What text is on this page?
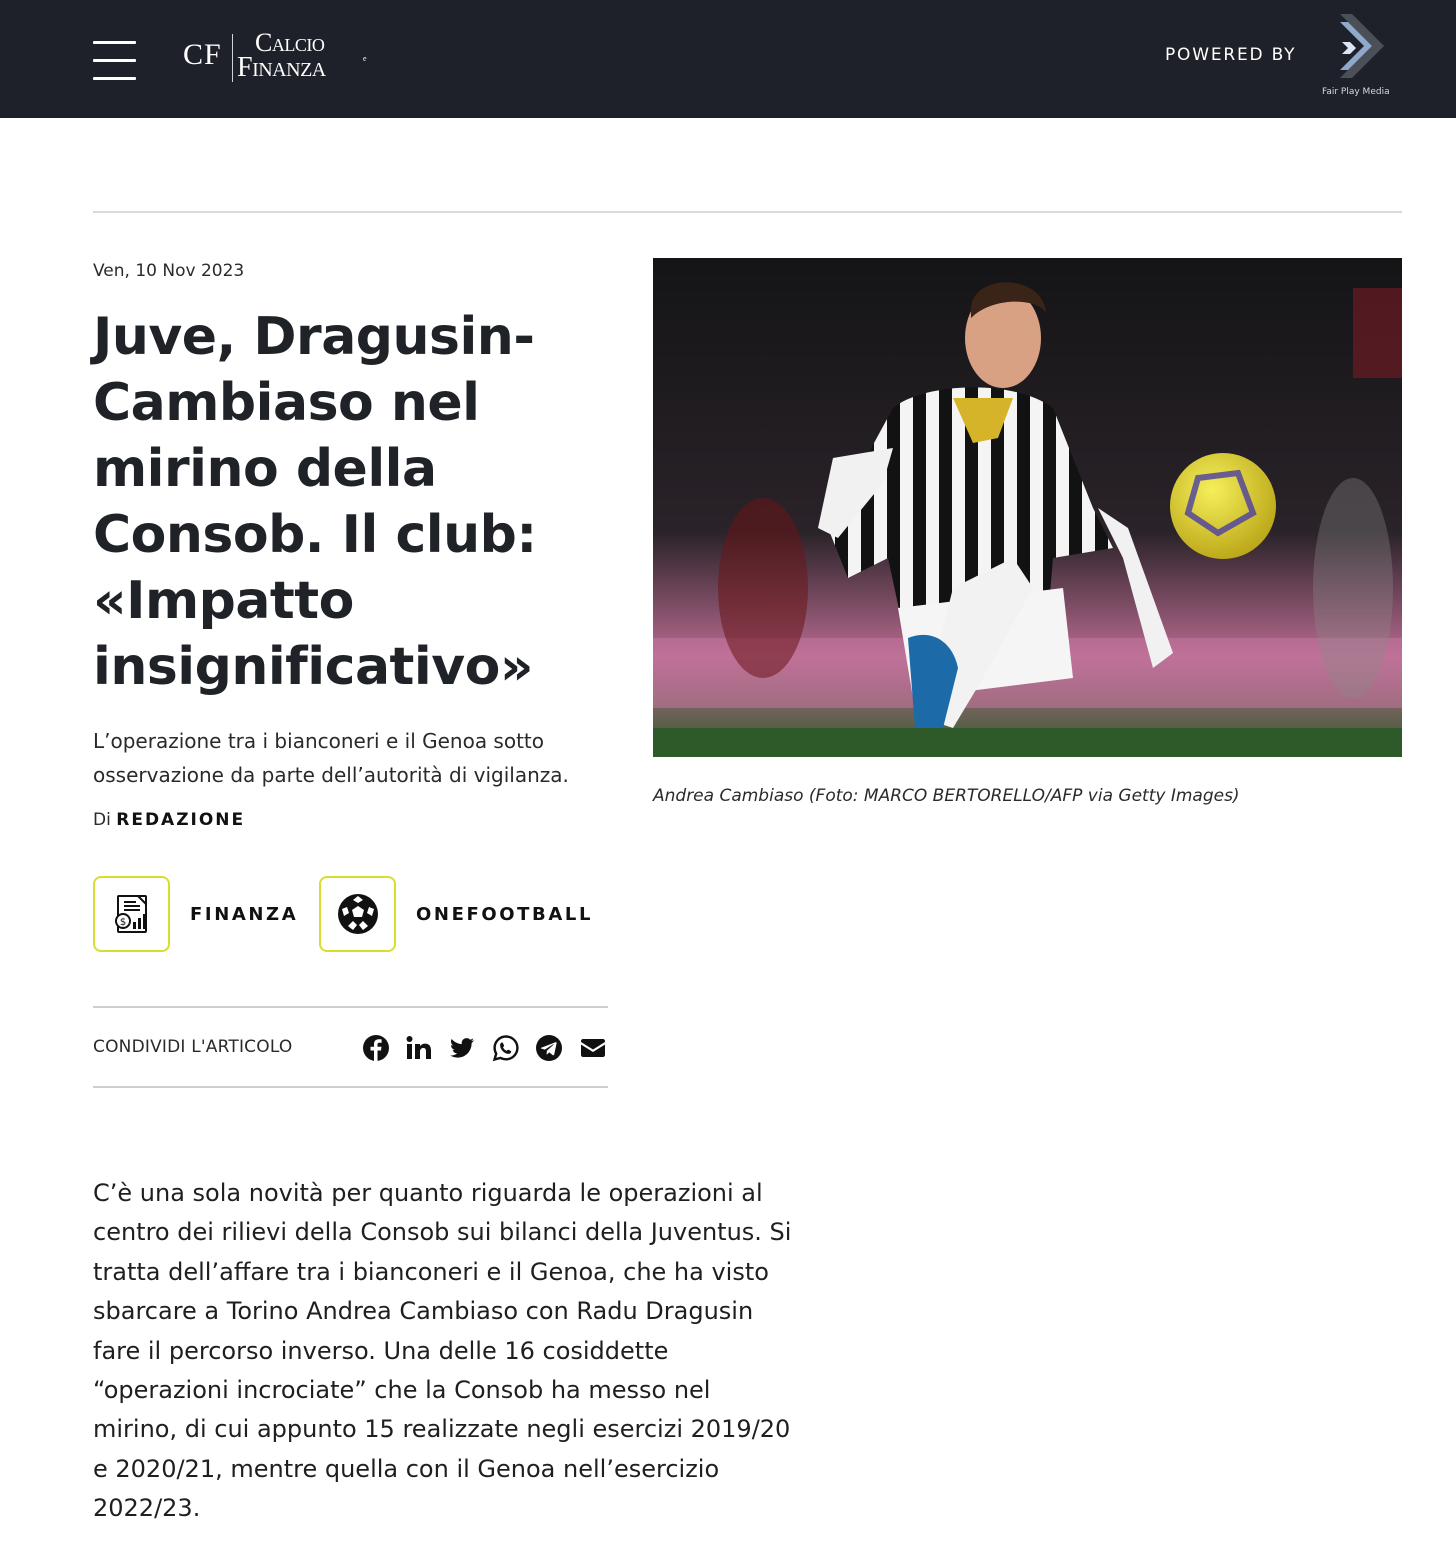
CF Calcio
e
Finanza	POWERED BY
Fair Play Media
Ven, 10 Nov 2023
Juve, Dragusin-
Cambiaso nel
mirino della
Consob. Il club:
«Impatto
insignificativo»

L’operazione tra i bianconeri e il Genoa sotto
osservazione da parte dell’autorità di vigilanza.

Di REDAZIONE
$	FINANZA	ONEFOOTBALL
CONDIVIDI L'ARTICOLO
Andrea Cambiaso (Foto: MARCO BERTORELLO/AFP via Getty Images)
C’è una sola novità per quanto riguarda le operazioni al
centro dei rilievi della Consob sui bilanci della Juventus. Si
tratta dell’affare tra i bianconeri e il Genoa, che ha visto
sbarcare a Torino Andrea Cambiaso con Radu Dragusin
fare il percorso inverso. Una delle 16 cosiddette
“operazioni incrociate” che la Consob ha messo nel
mirino, di cui appunto 15 realizzate negli esercizi 2019/20
e 2020/21, mentre quella con il Genoa nell’esercizio
2022/23.
